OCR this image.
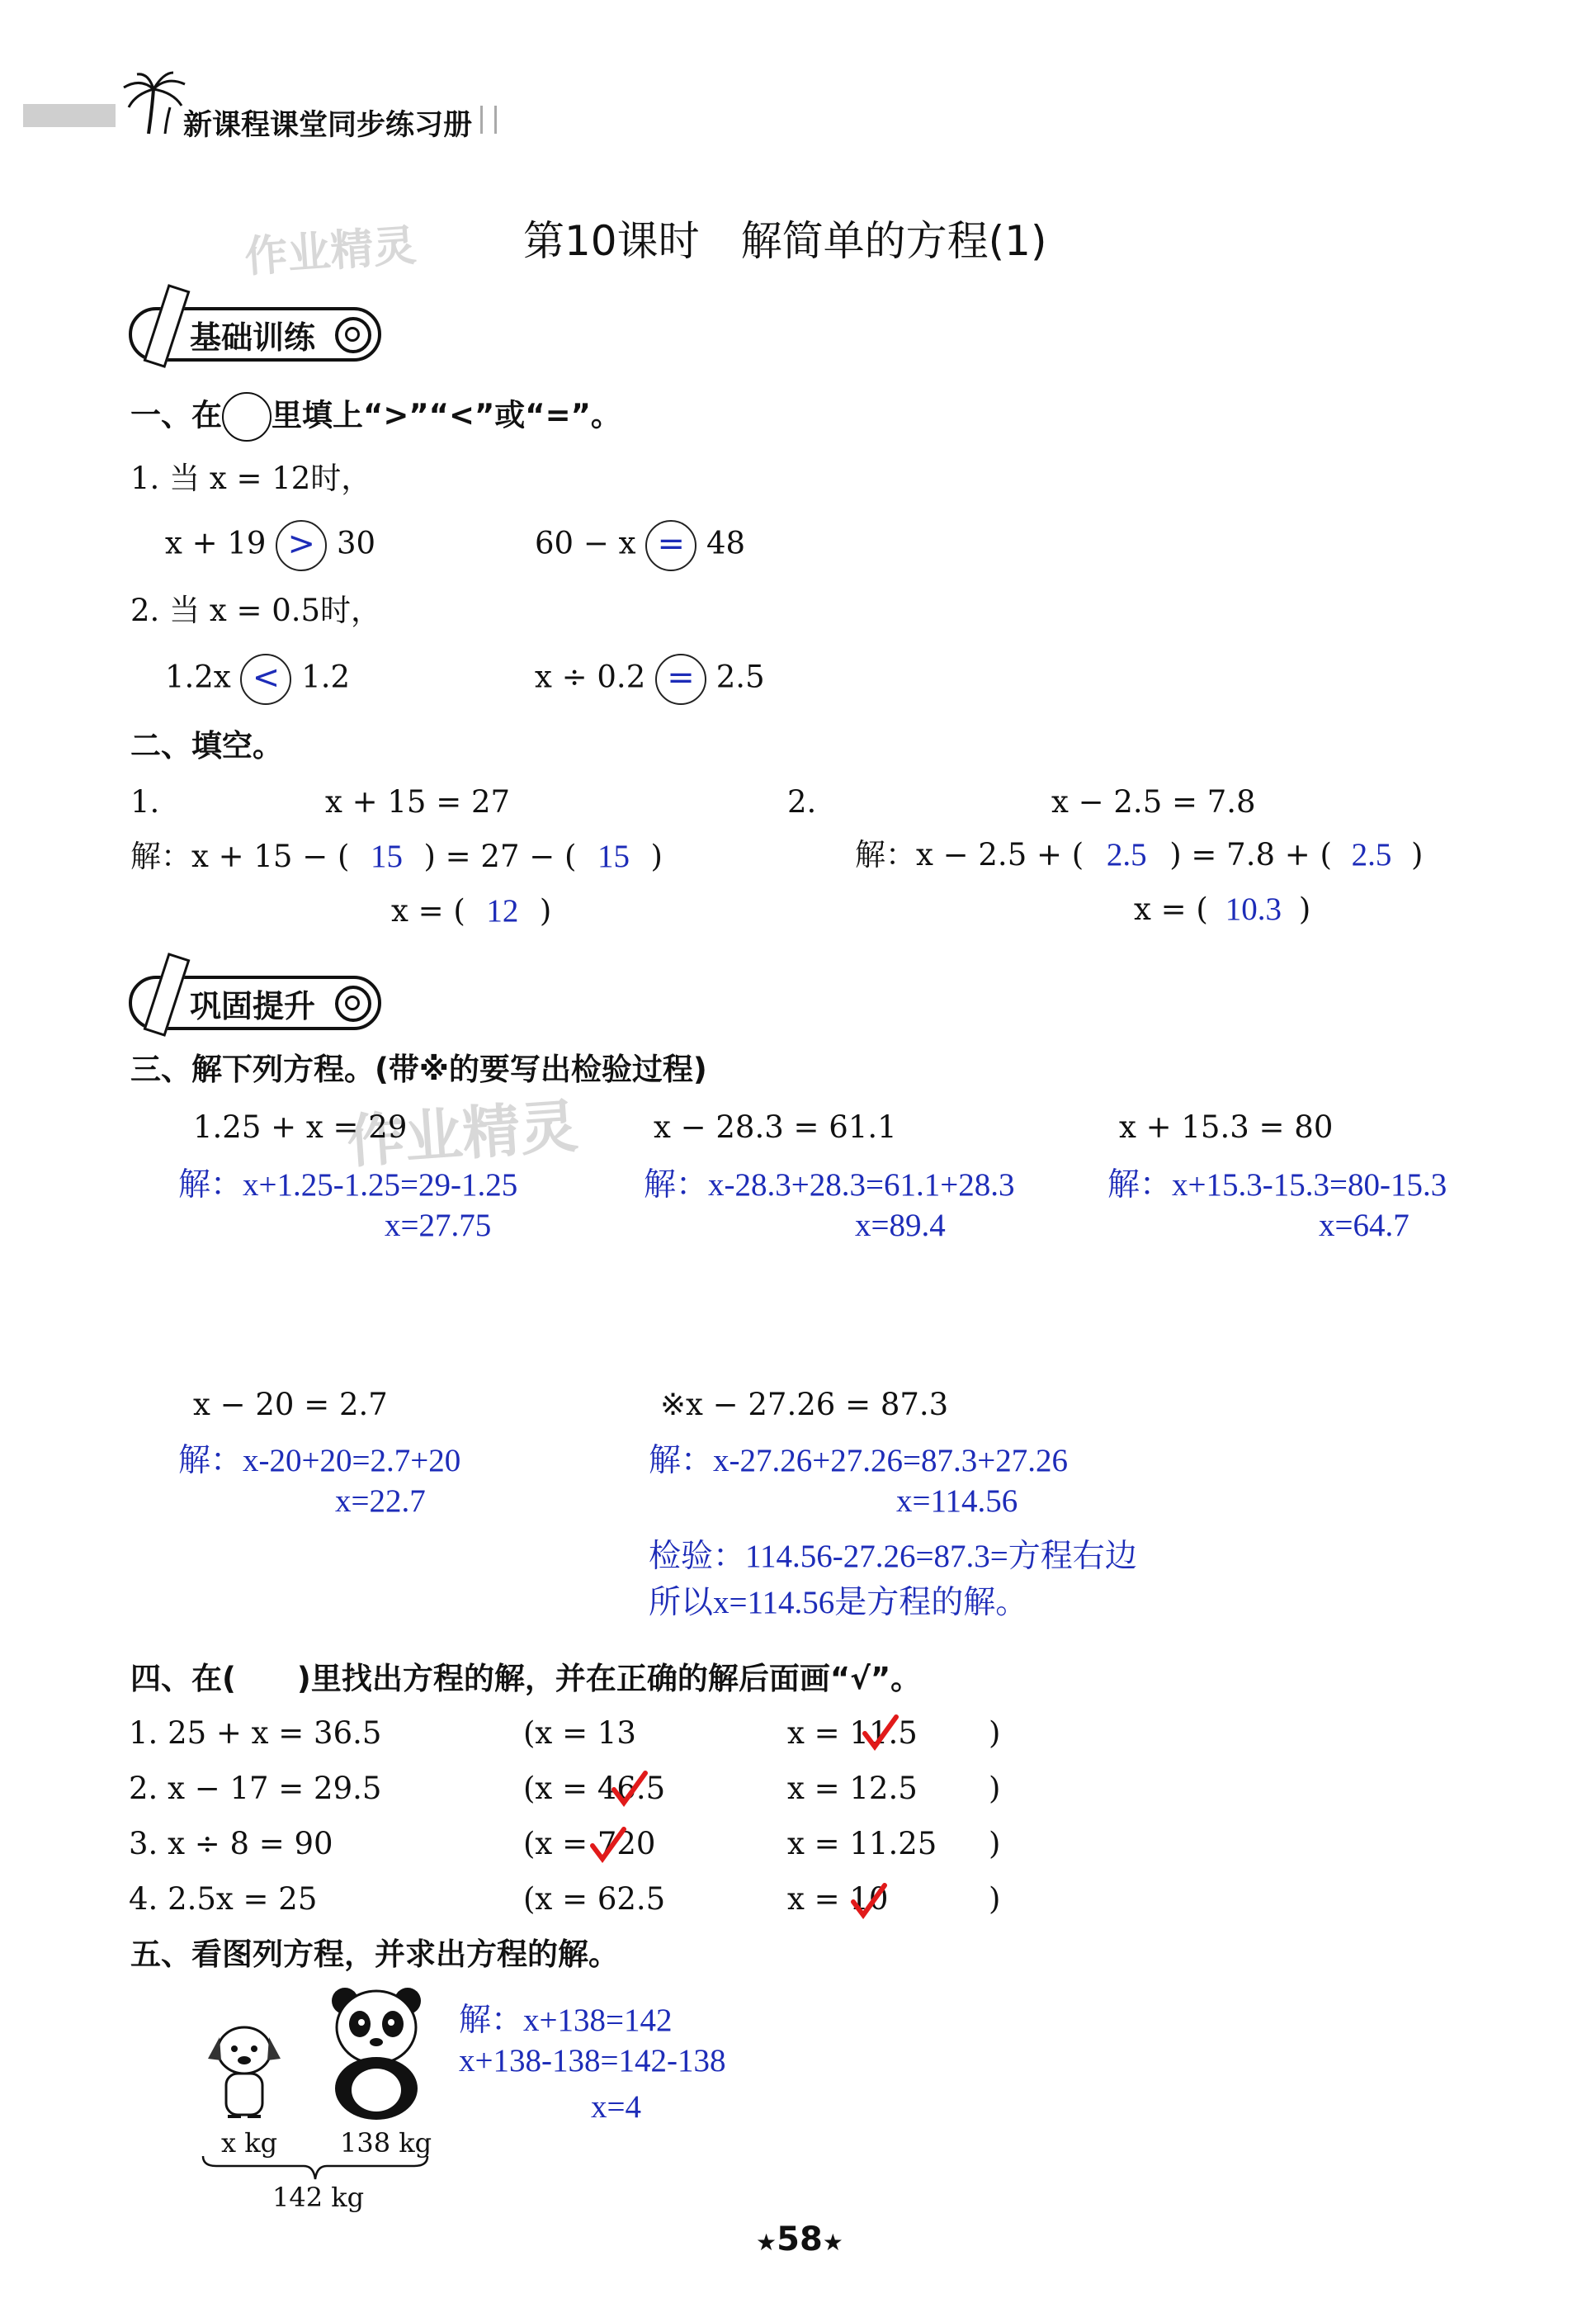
新课程课堂同步练习册
作业精灵	第10课时　解简单的方程(1)
基础训练
一、在 里填上“>”“<”或“=”。
1. 当 x = 12时，
x + 19 > 30	60 − x = 48
2. 当 x = 0.5时，
1.2x < 1.2	x ÷ 0.2 = 2.5
二、填空。
1.	x + 15 = 27
解：x + 15 − ( 15 ) = 27 − ( 15 )
x = ( 12 )
2.	x − 2.5 = 7.8
解：x − 2.5 + ( 2.5 ) = 7.8 + ( 2.5 )
x = ( 10.3 )
巩固提升
三、解下列方程。(带※的要写出检验过程)
作业精灵
1.25 + x = 29
解：x+1.25-1.25=29-1.25
x=27.75
x − 28.3 = 61.1
解：x-28.3+28.3=61.1+28.3
x=89.4
x + 15.3 = 80
解：x+15.3-15.3=80-15.3
x=64.7
x − 20 = 2.7
解：x-20+20=2.7+20
x=22.7
※x − 27.26 = 87.3
解：x-27.26+27.26=87.3+27.26
x=114.56
检验：114.56-27.26=87.3=方程右边
所以x=114.56是方程的解。
四、在(　　)里找出方程的解，并在正确的解后面画“√”。
1. 25 + x = 36.5	(x = 13	x = 11.5 )
2. x − 17 = 29.5	(x = 46.5	x = 12.5 )
3. x ÷ 8 = 90	(x = 720	x = 11.25 )
4. 2.5x = 25	(x = 62.5	x = 10	)
五、看图列方程，并求出方程的解。
x kg 138 kg
142 kg
解：x+138=142
x+138-138=142-138
x=4
★58★
